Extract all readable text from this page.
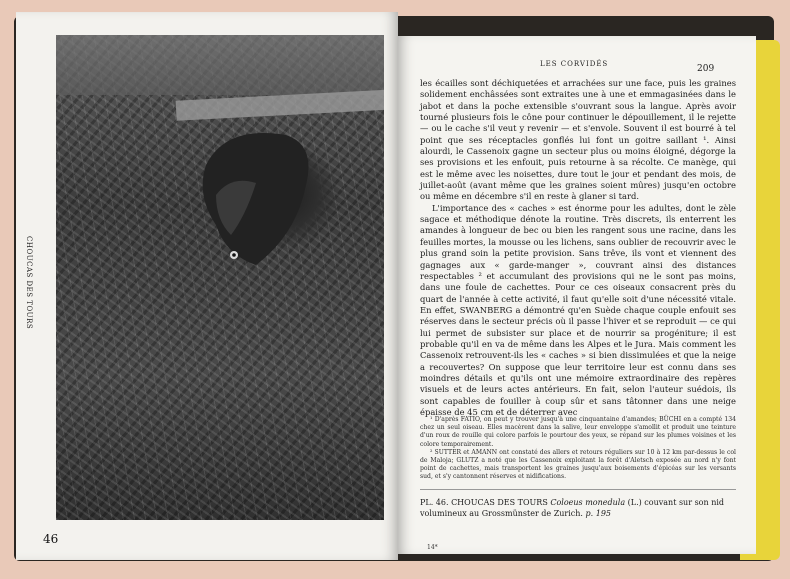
CHOUCAS DES TOURS
46
LES CORVIDÉS	209

les écailles sont déchiquetées et arrachées sur une face, puis les graines solidement enchâssées sont extraites une à une et emmagasinées dans le jabot et dans la poche extensible s'ouvrant sous la langue. Après avoir tourné plusieurs fois le cône pour continuer le dépouillement, il le rejette — ou le cache s'il veut y revenir — et s'envole. Souvent il est bourré à tel point que ses réceptacles gonflés lui font un goitre saillant ¹. Ainsi alourdi, le Cassenoix gagne un secteur plus ou moins éloigné, dégorge la ses provisions et les enfouit, puis retourne à sa récolte. Ce manège, qui est le même avec les noisettes, dure tout le jour et pendant des mois, de juillet-août (avant même que les graines soient mûres) jusqu'en octobre ou même en décembre s'il en reste à glaner si tard.

L'importance des « caches » est énorme pour les adultes, dont le zèle sagace et méthodique dénote la routine. Très discrets, ils enterrent les amandes à longueur de bec ou bien les rangent sous une racine, dans les feuilles mortes, la mousse ou les lichens, sans oublier de recouvrir avec le plus grand soin la petite provision. Sans trêve, ils vont et viennent des gagnages aux « garde-manger », couvrant ainsi des distances respectables ² et accumulant des provisions qui ne le sont pas moins, dans une foule de cachettes. Pour ce ces oiseaux consacrent près du quart de l'année à cette activité, il faut qu'elle soit d'une nécessité vitale. En effet, SWANBERG a démontré qu'en Suède chaque couple enfouit ses réserves dans le secteur précis où il passe l'hiver et se reproduit — ce qui lui permet de subsister sur place et de nourrir sa progéniture; il est probable qu'il en va de même dans les Alpes et le Jura. Mais comment les Cassenoix retrouvent-ils les « caches » si bien dissimulées et que la neige a recouvertes? On suppose que leur territoire leur est connu dans ses moindres détails et qu'ils ont une mémoire extraordinaire des repères visuels et de leurs actes antérieurs. En fait, selon l'auteur suédois, ils sont capables de fouiller à coup sûr et sans tâtonner dans une neige épaisse de 45 cm et de déterrer avec

¹ D'après FATIO, on peut y trouver jusqu'à une cinquantaine d'amandes; BÜCHI en a compté 134 chez un seul oiseau. Elles macèrent dans la salive, leur enveloppe s'amollit et produit une teinture d'un roux de rouille qui colore parfois le pourtour des yeux, se répand sur les plumes voisines et les colore temporairement.

² SUTTER et AMANN ont constaté des allers et retours réguliers sur 10 à 12 km par-dessus le col de Maloja; GLUTZ a noté que les Cassenoix exploitant la forêt d'Aletsch exposée au nord n'y font point de cachettes, mais transportent les graines jusqu'aux boisements d'épicéas sur les versants sud, et s'y cantonnent réserves et nidifications.

PL. 46. CHOUCAS DES TOURS Coloeus monedula (L.) couvant sur son nid volumineux au Grossmünster de Zurich. p. 195
14*
